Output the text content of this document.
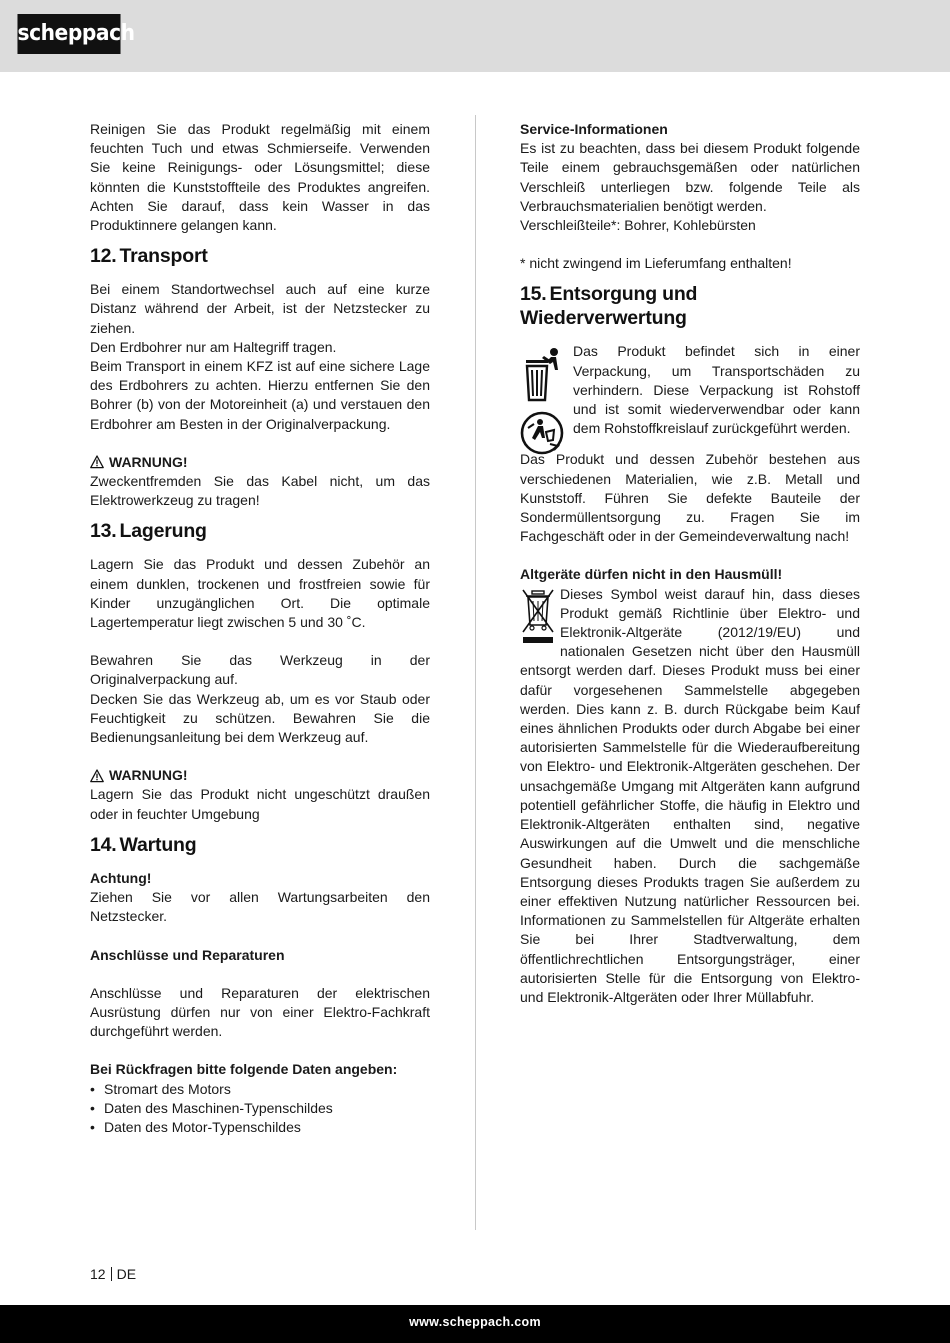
scheppach

Reinigen Sie das Produkt regelmäßig mit einem feuchten Tuch und etwas Schmierseife. Verwenden Sie keine Reinigungs- oder Lösungsmittel; diese könnten die Kunststoffteile des Produktes angreifen. Achten Sie darauf, dass kein Wasser in das Produktinnere gelangen kann.

12. Transport

Bei einem Standortwechsel auch auf eine kurze Distanz während der Arbeit, ist der Netzstecker zu ziehen.

Den Erdbohrer nur am Haltegriff tragen.

Beim Transport in einem KFZ ist auf eine sichere Lage des Erdbohrers zu achten. Hierzu entfernen Sie den Bohrer (b) von der Motoreinheit (a) und verstauen den Erdbohrer am Besten in der Originalverpackung.

WARNUNG!

Zweckentfremden Sie das Kabel nicht, um das Elektrowerkzeug zu tragen!

13. Lagerung

Lagern Sie das Produkt und dessen Zubehör an einem dunklen, trockenen und frostfreien sowie für Kinder unzugänglichen Ort. Die optimale Lagertemperatur liegt zwischen 5 und 30 ˚C.

Bewahren Sie das Werkzeug in der Originalverpackung auf.

Decken Sie das Werkzeug ab, um es vor Staub oder Feuchtigkeit zu schützen. Bewahren Sie die Bedienungsanleitung bei dem Werkzeug auf.

WARNUNG!

Lagern Sie das Produkt nicht ungeschützt draußen oder in feuchter Umgebung

14. Wartung

Achtung!

Ziehen Sie vor allen Wartungsarbeiten den Netzstecker.

Anschlüsse und Reparaturen

Anschlüsse und Reparaturen der elektrischen Ausrüstung dürfen nur von einer Elektro-Fachkraft durchgeführt werden.

Bei Rückfragen bitte folgende Daten angeben:

• Stromart des Motors
• Daten des Maschinen-Typenschildes
• Daten des Motor-Typenschildes

Service-Informationen

Es ist zu beachten, dass bei diesem Produkt folgende Teile einem gebrauchsgemäßen oder natürlichen Verschleiß unterliegen bzw. folgende Teile als Verbrauchsmaterialien benötigt werden.

Verschleißteile*: Bohrer, Kohlebürsten

* nicht zwingend im Lieferumfang enthalten!

15. Entsorgung und Wiederverwertung

Das Produkt befindet sich in einer Verpackung, um Transportschäden zu verhindern. Diese Verpackung ist Rohstoff und ist somit wiederverwendbar oder kann dem Rohstoffkreislauf zurückgeführt werden.

Das Produkt und dessen Zubehör bestehen aus verschiedenen Materialien, wie z.B. Metall und Kunststoff. Führen Sie defekte Bauteile der Sondermüllentsorgung zu. Fragen Sie im Fachgeschäft oder in der Gemeindeverwaltung nach!

Altgeräte dürfen nicht in den Hausmüll!

Dieses Symbol weist darauf hin, dass dieses Produkt gemäß Richtlinie über Elektro- und Elektronik-Altgeräte (2012/19/EU) und nationalen Gesetzen nicht über den Hausmüll entsorgt werden darf. Dieses Produkt muss bei einer dafür vorgesehenen Sammelstelle abgegeben werden. Dies kann z. B. durch Rückgabe beim Kauf eines ähnlichen Produkts oder durch Abgabe bei einer autorisierten Sammelstelle für die Wiederaufbereitung von Elektro- und Elektronik-Altgeräten geschehen. Der unsachgemäße Umgang mit Altgeräten kann aufgrund potentiell gefährlicher Stoffe, die häufig in Elektro und Elektronik-Altgeräten enthalten sind, negative Auswirkungen auf die Umwelt und die menschliche Gesundheit haben. Durch die sachgemäße Entsorgung dieses Produkts tragen Sie außerdem zu einer effektiven Nutzung natürlicher Ressourcen bei. Informationen zu Sammelstellen für Altgeräte erhalten Sie bei Ihrer Stadtverwaltung, dem öffentlichrechtlichen Entsorgungsträger, einer autorisierten Stelle für die Entsorgung von Elektro- und Elektronik-Altgeräten oder Ihrer Müllabfuhr.

12 DE
www.scheppach.com
